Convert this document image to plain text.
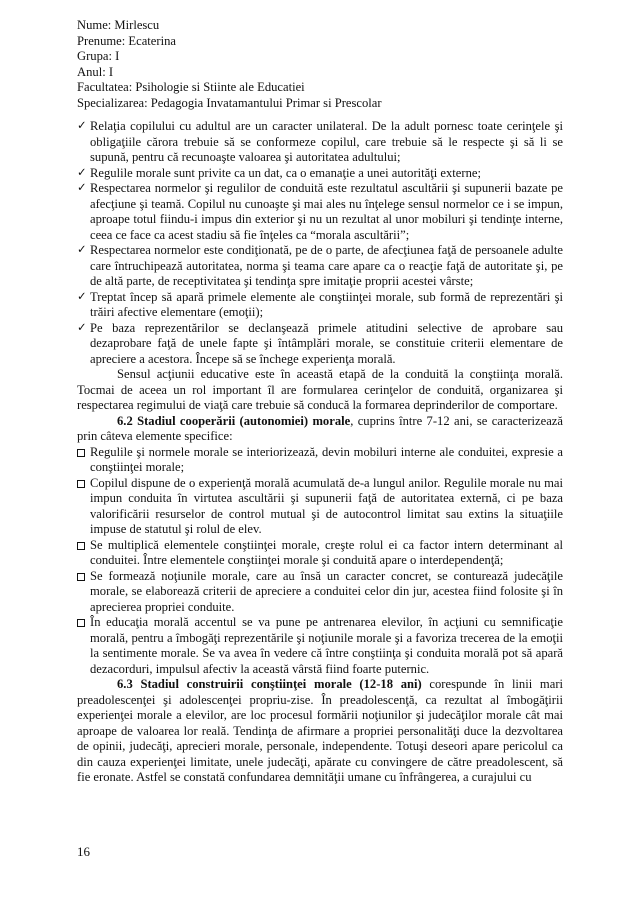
Nume: Mirlescu
Prenume: Ecaterina
Grupa: I
Anul: I
Facultatea: Psihologie si Stiinte ale Educatiei
Specializarea: Pedagogia Invatamantului Primar si Prescolar
✓ Relaţia copilului cu adultul are un caracter unilateral. De la adult pornesc toate cerinţele şi obligaţiile cărora trebuie să se conformeze copilul, care trebuie să le respecte şi să li se supună, pentru că recunoaşte valoarea şi autoritatea adultului;
✓ Regulile morale sunt privite ca un dat, ca o emanaţie a unei autorităţi externe;
✓ Respectarea normelor şi regulilor de conduită este rezultatul ascultării şi supunerii bazate pe afecţiune şi teamă. Copilul nu cunoaşte şi mai ales nu înţelege sensul normelor ce i se impun, aproape totul fiindu-i impus din exterior şi nu un rezultat al unor mobiluri şi tendinţe interne, ceea ce face ca acest stadiu să fie înţeles ca “morala ascultării”;
✓ Respectarea normelor este condiţionată, pe de o parte, de afecţiunea faţă de persoanele adulte care întruchipează autoritatea, norma şi teama care apare ca o reacţie faţă de autoritate şi, pe de altă parte, de receptivitatea şi tendinţa spre imitaţie proprii acestei vârste;
✓ Treptat încep să apară primele elemente ale conştiinţei morale, sub formă de reprezentări şi trăiri afective elementare (emoţii);
✓ Pe baza reprezentărilor se declanşează primele atitudini selective de aprobare sau dezaprobare faţă de unele fapte şi întâmplări morale, se constituie criterii elementare de apreciere a acestora. Începe să se închege experienţa morală.

Sensul acţiunii educative este în această etapă de la conduită la conştiinţa morală. Tocmai de aceea un rol important îl are formularea cerinţelor de conduită, organizarea şi respectarea regimului de viaţă care trebuie să conducă la formarea deprinderilor de comportare.

6.2 Stadiul cooperării (autonomiei) morale, cuprins între 7-12 ani, se caracterizează prin câteva elemente specifice:

Regulile şi normele morale se interiorizează, devin mobiluri interne ale conduitei, expresie a conştiinţei morale;
Copilul dispune de o experienţă morală acumulată de-a lungul anilor. Regulile morale nu mai impun conduita în virtutea ascultării şi supunerii faţă de autoritatea externă, ci pe baza valorificării resurselor de control mutual şi de autocontrol limitat sau extins la situaţiile impuse de statutul şi rolul de elev.
Se multiplică elementele conştiinţei morale, creşte rolul ei ca factor intern determinant al conduitei. Între elementele conştiinţei morale şi conduită apare o interdependenţă;
Se formează noţiunile morale, care au însă un caracter concret, se conturează judecăţile morale, se elaborează criterii de apreciere a conduitei celor din jur, acestea fiind folosite şi în aprecierea propriei conduite.
În educaţia morală accentul se va pune pe antrenarea elevilor, în acţiuni cu semnificaţie morală, pentru a îmbogăţi reprezentările şi noţiunile morale şi a favoriza trecerea de la emoţii la sentimente morale. Se va avea în vedere că între conştiinţa şi conduita morală pot să apară dezacorduri, impulsul afectiv la această vârstă fiind foarte puternic.

6.3 Stadiul construirii conştiinţei morale (12-18 ani) corespunde în linii mari preadolescenţei şi adolescenţei propriu-zise. În preadolescenţă, ca rezultat al îmbogăţirii experienţei morale a elevilor, are loc procesul formării noţiunilor şi judecăţilor morale cât mai aproape de valoarea lor reală. Tendinţa de afirmare a propriei personalităţi duce la dezvoltarea de opinii, judecăţi, aprecieri morale, personale, independente. Totuşi deseori apare pericolul ca din cauza experienţei limitate, unele judecăţi, apărate cu convingere de către preadolescent, să fie eronate. Astfel se constată confundarea demnităţii umane cu înfrângerea, a curajului cu

16
